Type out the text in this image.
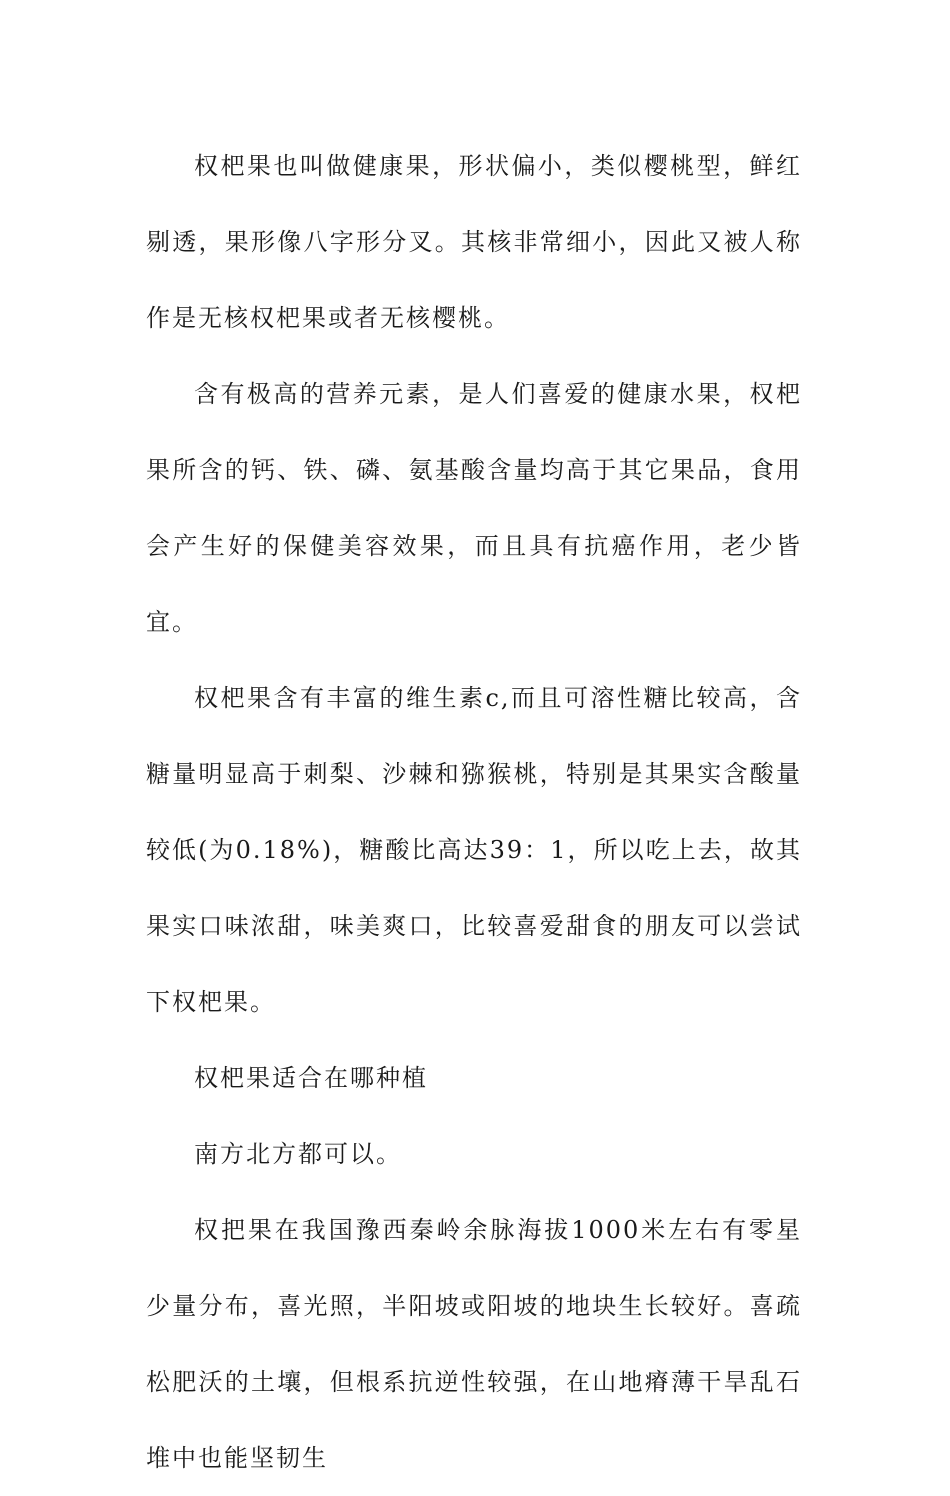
权杷果也叫做健康果，形状偏小，类似樱桃型，鲜红剔透，果形像八字形分叉。其核非常细小，因此又被人称作是无核权杷果或者无核樱桃。

含有极高的营养元素，是人们喜爱的健康水果，权杷果所含的钙、铁、磷、氨基酸含量均高于其它果品，食用会产生好的保健美容效果，而且具有抗癌作用，老少皆宜。

权杷果含有丰富的维生素c,而且可溶性糖比较高，含糖量明显高于刺梨、沙棘和猕猴桃，特别是其果实含酸量较低(为0.18%)，糖酸比高达39：1，所以吃上去，故其果实口味浓甜，味美爽口，比较喜爱甜食的朋友可以尝试下权杷果。

权杷果适合在哪种植

南方北方都可以。

权把果在我国豫西秦岭余脉海拔1000米左右有零星少量分布，喜光照，半阳坡或阳坡的地块生长较好。喜疏松肥沃的土壤，但根系抗逆性较强，在山地瘠薄干旱乱石堆中也能坚韧生
